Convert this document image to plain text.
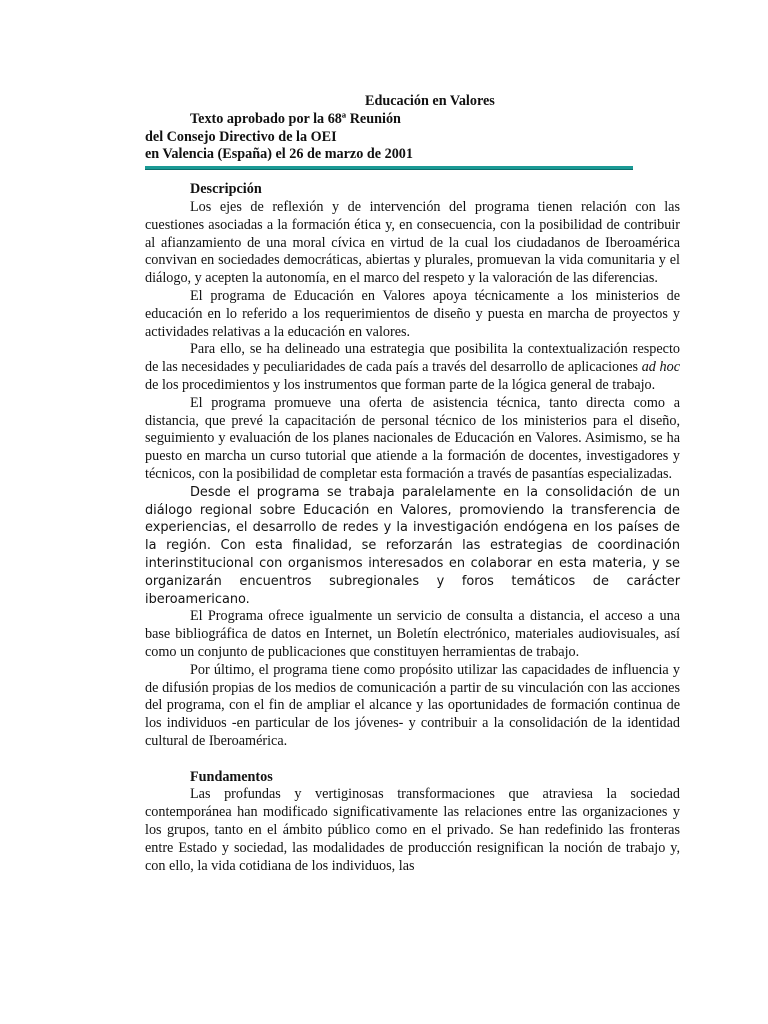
Educación en Valores
Texto aprobado por la 68ª Reunión
del Consejo Directivo de la OEI
en Valencia (España) el 26 de marzo de 2001
Descripción

Los ejes de reflexión y de intervención del programa tienen relación con las cuestiones asociadas a la formación ética y, en consecuencia, con la posibilidad de contribuir al afianzamiento de una moral cívica en virtud de la cual los ciudadanos de Iberoamérica convivan en sociedades democráticas, abiertas y plurales, promuevan la vida comunitaria y el diálogo, y acepten la autonomía, en el marco del respeto y la valoración de las diferencias.

El programa de Educación en Valores apoya técnicamente a los ministerios de educación en lo referido a los requerimientos de diseño y puesta en marcha de proyectos y actividades relativas a la educación en valores.

Para ello, se ha delineado una estrategia que posibilita la contextualización respecto de las necesidades y peculiaridades de cada país a través del desarrollo de aplicaciones ad hoc de los procedimientos y los instrumentos que forman parte de la lógica general de trabajo.

El programa promueve una oferta de asistencia técnica, tanto directa como a distancia, que prevé la capacitación de personal técnico de los ministerios para el diseño, seguimiento y evaluación de los planes nacionales de Educación en Valores. Asimismo, se ha puesto en marcha un curso tutorial que atiende a la formación de docentes, investigadores y técnicos, con la posibilidad de completar esta formación a través de pasantías especializadas.

Desde el programa se trabaja paralelamente en la consolidación de un diálogo regional sobre Educación en Valores, promoviendo la transferencia de experiencias, el desarrollo de redes y la investigación endógena en los países de la región. Con esta finalidad, se reforzarán las estrategias de coordinación interinstitucional con organismos interesados en colaborar en esta materia, y se organizarán encuentros subregionales y foros temáticos de carácter iberoamericano.

El Programa ofrece igualmente un servicio de consulta a distancia, el acceso a una base bibliográfica de datos en Internet, un Boletín electrónico, materiales audiovisuales, así como un conjunto de publicaciones que constituyen herramientas de trabajo.

Por último, el programa tiene como propósito utilizar las capacidades de influencia y de difusión propias de los medios de comunicación a partir de su vinculación con las acciones del programa, con el fin de ampliar el alcance y las oportunidades de formación continua de los individuos -en particular de los jóvenes- y contribuir a la consolidación de la identidad cultural de Iberoamérica.

Fundamentos

Las profundas y vertiginosas transformaciones que atraviesa la sociedad contemporánea han modificado significativamente las relaciones entre las organizaciones y los grupos, tanto en el ámbito público como en el privado. Se han redefinido las fronteras entre Estado y sociedad, las modalidades de producción resignifican la noción de trabajo y, con ello, la vida cotidiana de los individuos, las
